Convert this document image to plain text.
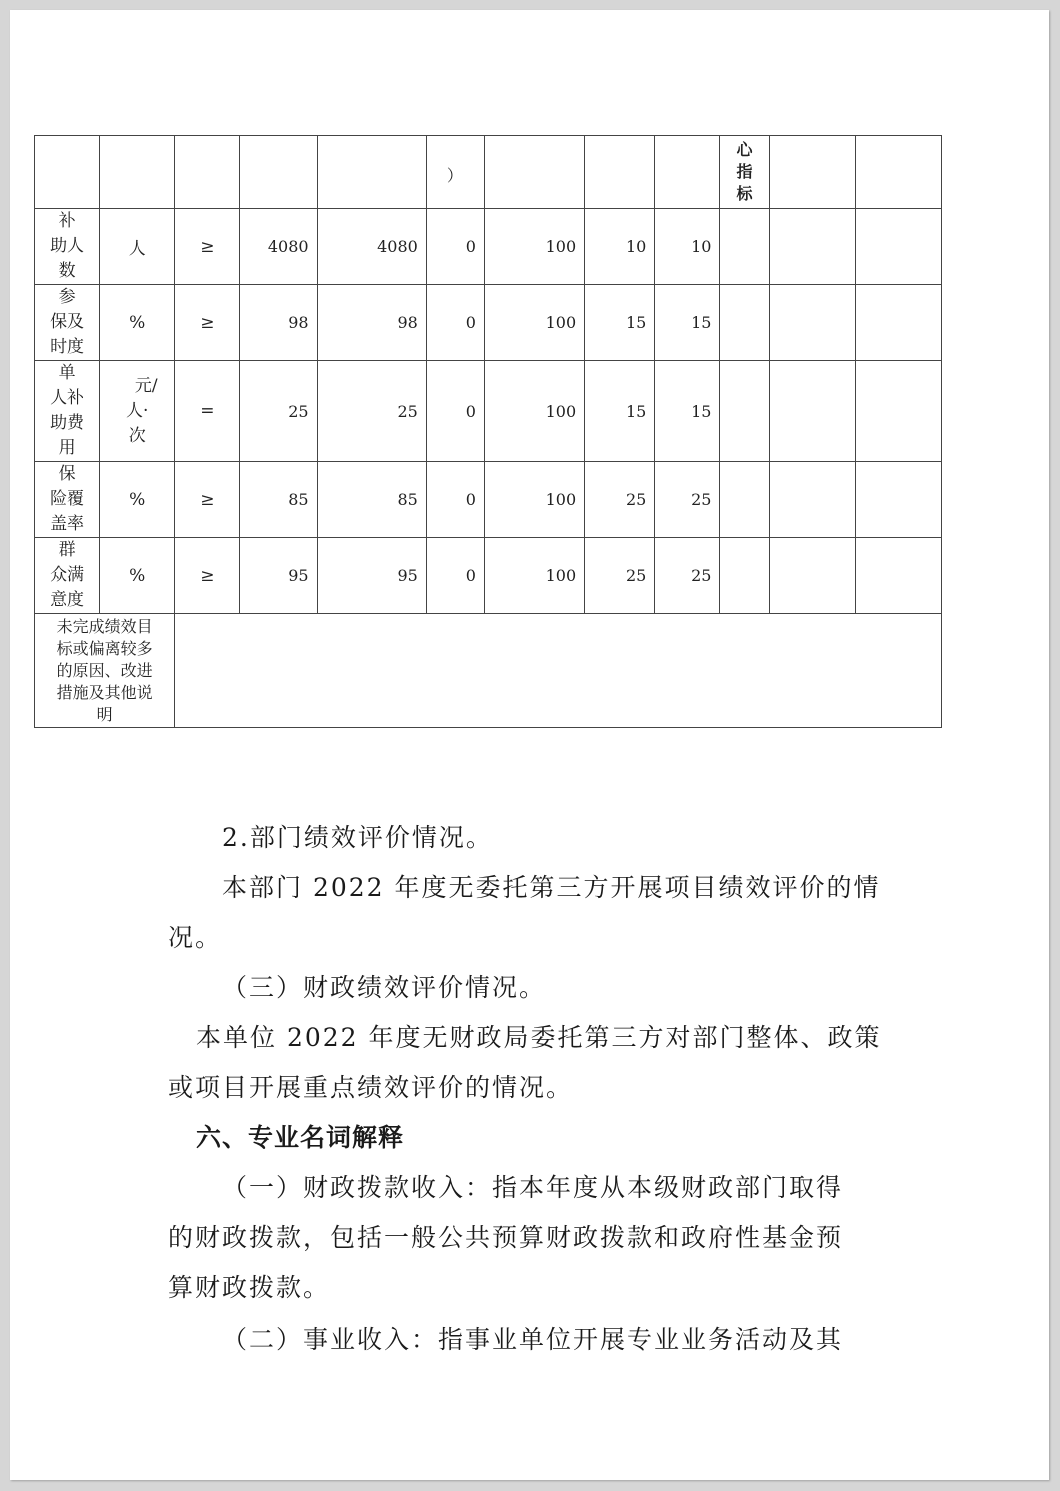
					）				心
指
标		

补
助人
数	人	≥	4080	4080	0	100	10	10			

参
保及
时度	%	≥	98	98	0	100	15	15			

单
人补
助费
用	元/
人·
次	=	25	25	0	100	15	15			

保
险覆
盖率	%	≥	85	85	0	100	25	25			

群
众满
意度	%	≥	95	95	0	100	25	25			

未完成绩效目
标或偏离较多
的原因、改进
措施及其他说
明											

2.部门绩效评价情况。
本部门 2022 年度无委托第三方开展项目绩效评价的情
况。
（三）财政绩效评价情况。
本单位 2022 年度无财政局委托第三方对部门整体、政策
或项目开展重点绩效评价的情况。
六、专业名词解释
（一）财政拨款收入：指本年度从本级财政部门取得
的财政拨款，包括一般公共预算财政拨款和政府性基金预
算财政拨款。
（二）事业收入：指事业单位开展专业业务活动及其
